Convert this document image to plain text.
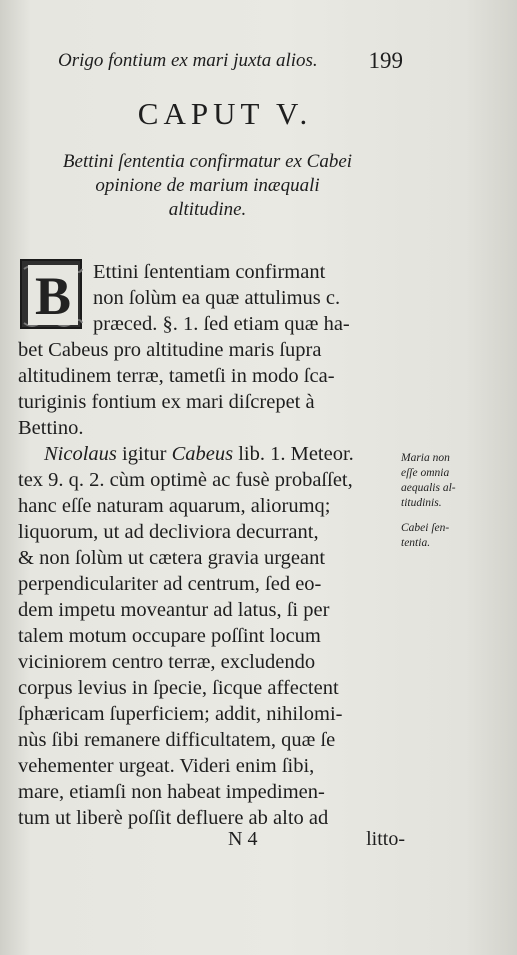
Origo fontium ex mari juxta alios. 199
CAPUT V.
Bettini ſententia confirmatur ex Cabei
opinione de marium inæquali
altitudine.
B	Ettini ſententiam confirmant
non ſolùm ea quæ attulimus c.
præced. §. 1. ſed etiam quæ ha-
bet Cabeus pro altitudine maris ſupra
altitudinem terræ, tametſi in modo ſca-
turiginis fontium ex mari diſcrepet à
Bettino.
Nicolaus igitur Cabeus lib. 1. Meteor.
tex 9. q. 2. cùm optimè ac fusè probaſſet,
hanc eſſe naturam aquarum, aliorumq;
liquorum, ut ad decliviora decurrant,
& non ſolùm ut cætera gravia urgeant
perpendiculariter ad centrum, ſed eo-
dem impetu moveantur ad latus, ſi per
talem motum occupare poſſint locum
viciniorem centro terræ, excludendo
corpus levius in ſpecie, ſicque affectent
ſphæricam ſuperficiem; addit, nihilomi-
nùs ſibi remanere difficultatem, quæ ſe
vehementer urgeat. Videri enim ſibi,
mare, etiamſi non habeat impedimen-
tum ut liberè poſſit defluere ab alto ad
Maria non
eſſe omnia
aequalis al-
titudinis.
Cabei ſen-
tentia.
N 4	litto-
